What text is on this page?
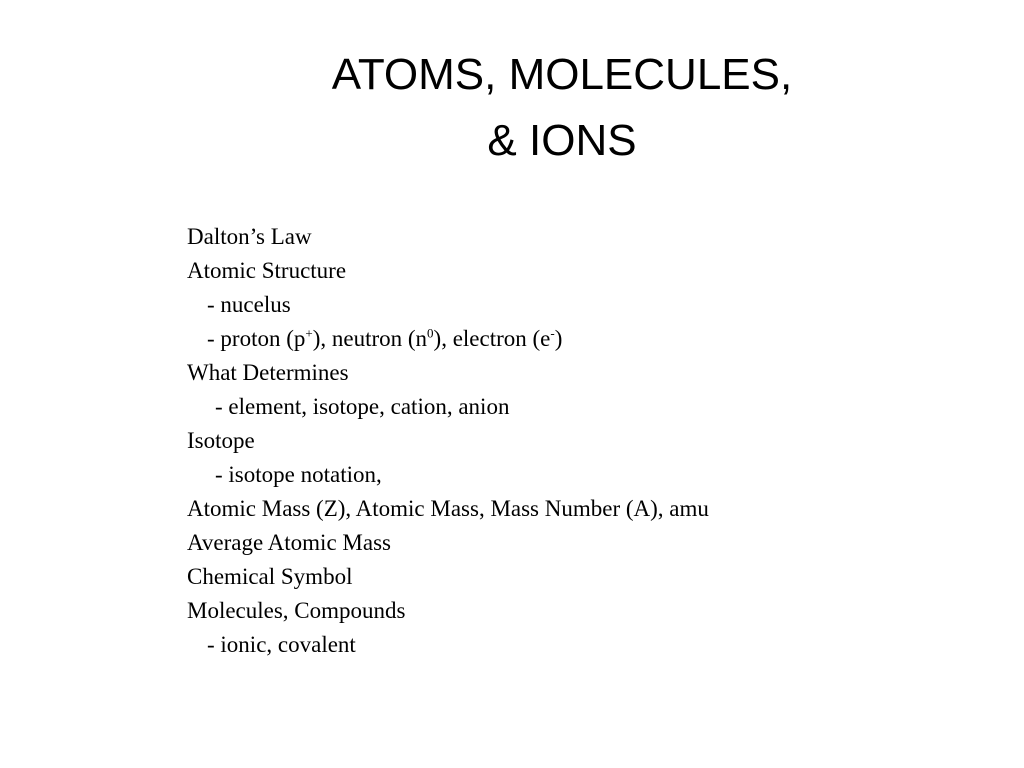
ATOMS, MOLECULES,
& IONS
Dalton’s Law
Atomic Structure
- nucelus
- proton (p+), neutron $(n^0)$, electron (e-)
What Determines
- element, isotope, cation, anion
Isotope
- isotope notation,
Atomic Mass (Z), Atomic Mass, Mass Number (A), amu
Average Atomic Mass
Chemical Symbol
Molecules, Compounds
- ionic, covalent
